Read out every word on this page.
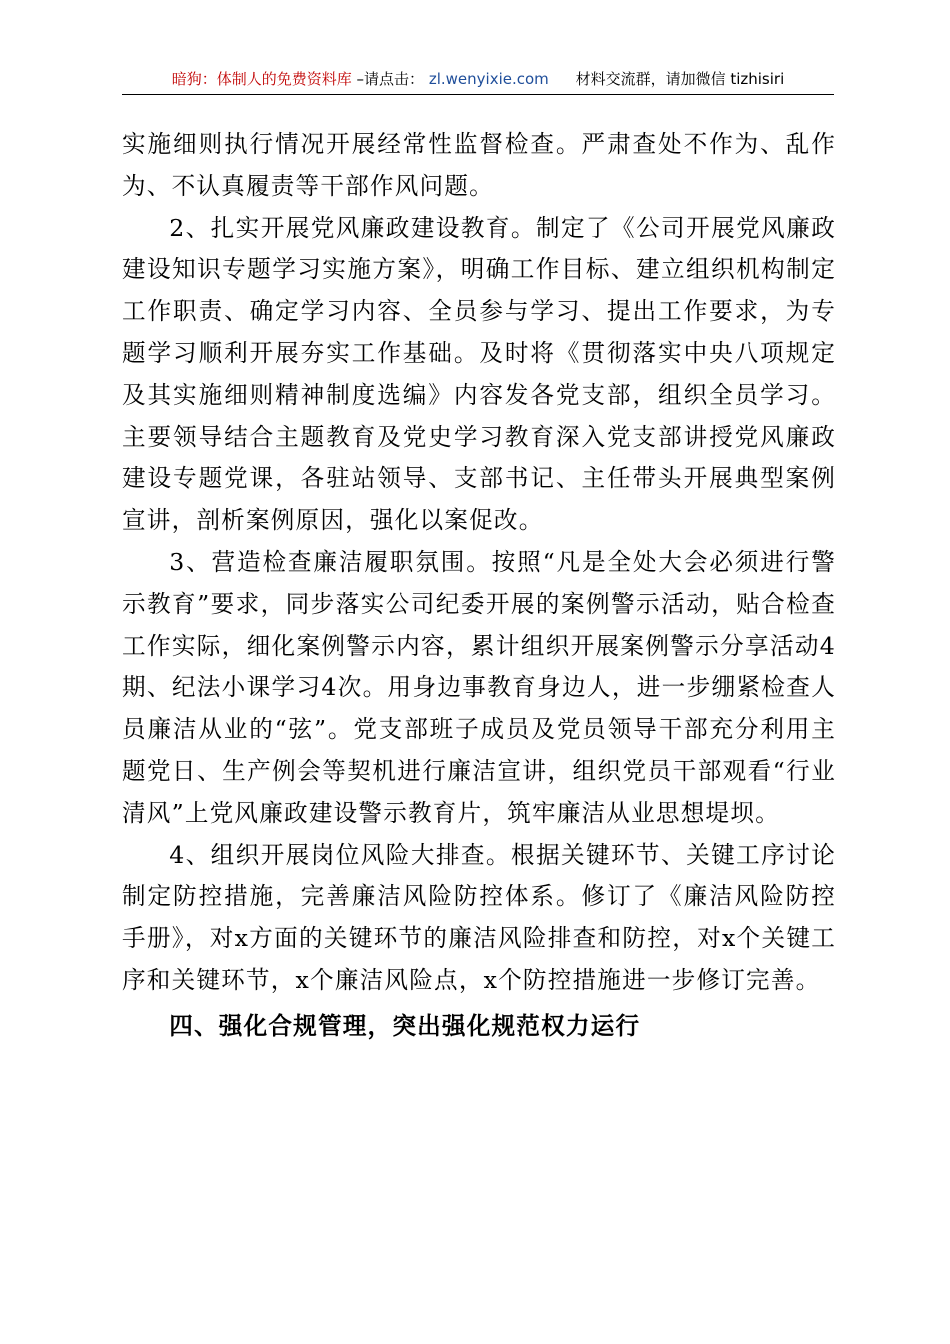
暗狗：体制人的免费资料库 –请点击： zl.wenyixie.com 材料交流群，请加微信 tizhisiri

实施细则执行情况开展经常性监督检查。严肃查处不作为、乱作为、不认真履责等干部作风问题。

2、扎实开展党风廉政建设教育。制定了《公司开展党风廉政建设知识专题学习实施方案》，明确工作目标、建立组织机构制定工作职责、确定学习内容、全员参与学习、提出工作要求，为专题学习顺利开展夯实工作基础。及时将《贯彻落实中央八项规定及其实施细则精神制度选编》内容发各党支部，组织全员学习。主要领导结合主题教育及党史学习教育深入党支部讲授党风廉政建设专题党课，各驻站领导、支部书记、主任带头开展典型案例宣讲，剖析案例原因，强化以案促改。

3、营造检查廉洁履职氛围。按照“凡是全处大会必须进行警示教育”要求，同步落实公司纪委开展的案例警示活动，贴合检查工作实际，细化案例警示内容，累计组织开展案例警示分享活动4期、纪法小课学习4次。用身边事教育身边人，进一步绷紧检查人员廉洁从业的“弦”。党支部班子成员及党员领导干部充分利用主题党日、生产例会等契机进行廉洁宣讲，组织党员干部观看“行业清风”上党风廉政建设警示教育片，筑牢廉洁从业思想堤坝。

4、组织开展岗位风险大排查。根据关键环节、关键工序讨论制定防控措施，完善廉洁风险防控体系。修订了《廉洁风险防控手册》，对x方面的关键环节的廉洁风险排查和防控，对x个关键工序和关键环节，x个廉洁风险点，x个防控措施进一步修订完善。

四、强化合规管理，突出强化规范权力运行
